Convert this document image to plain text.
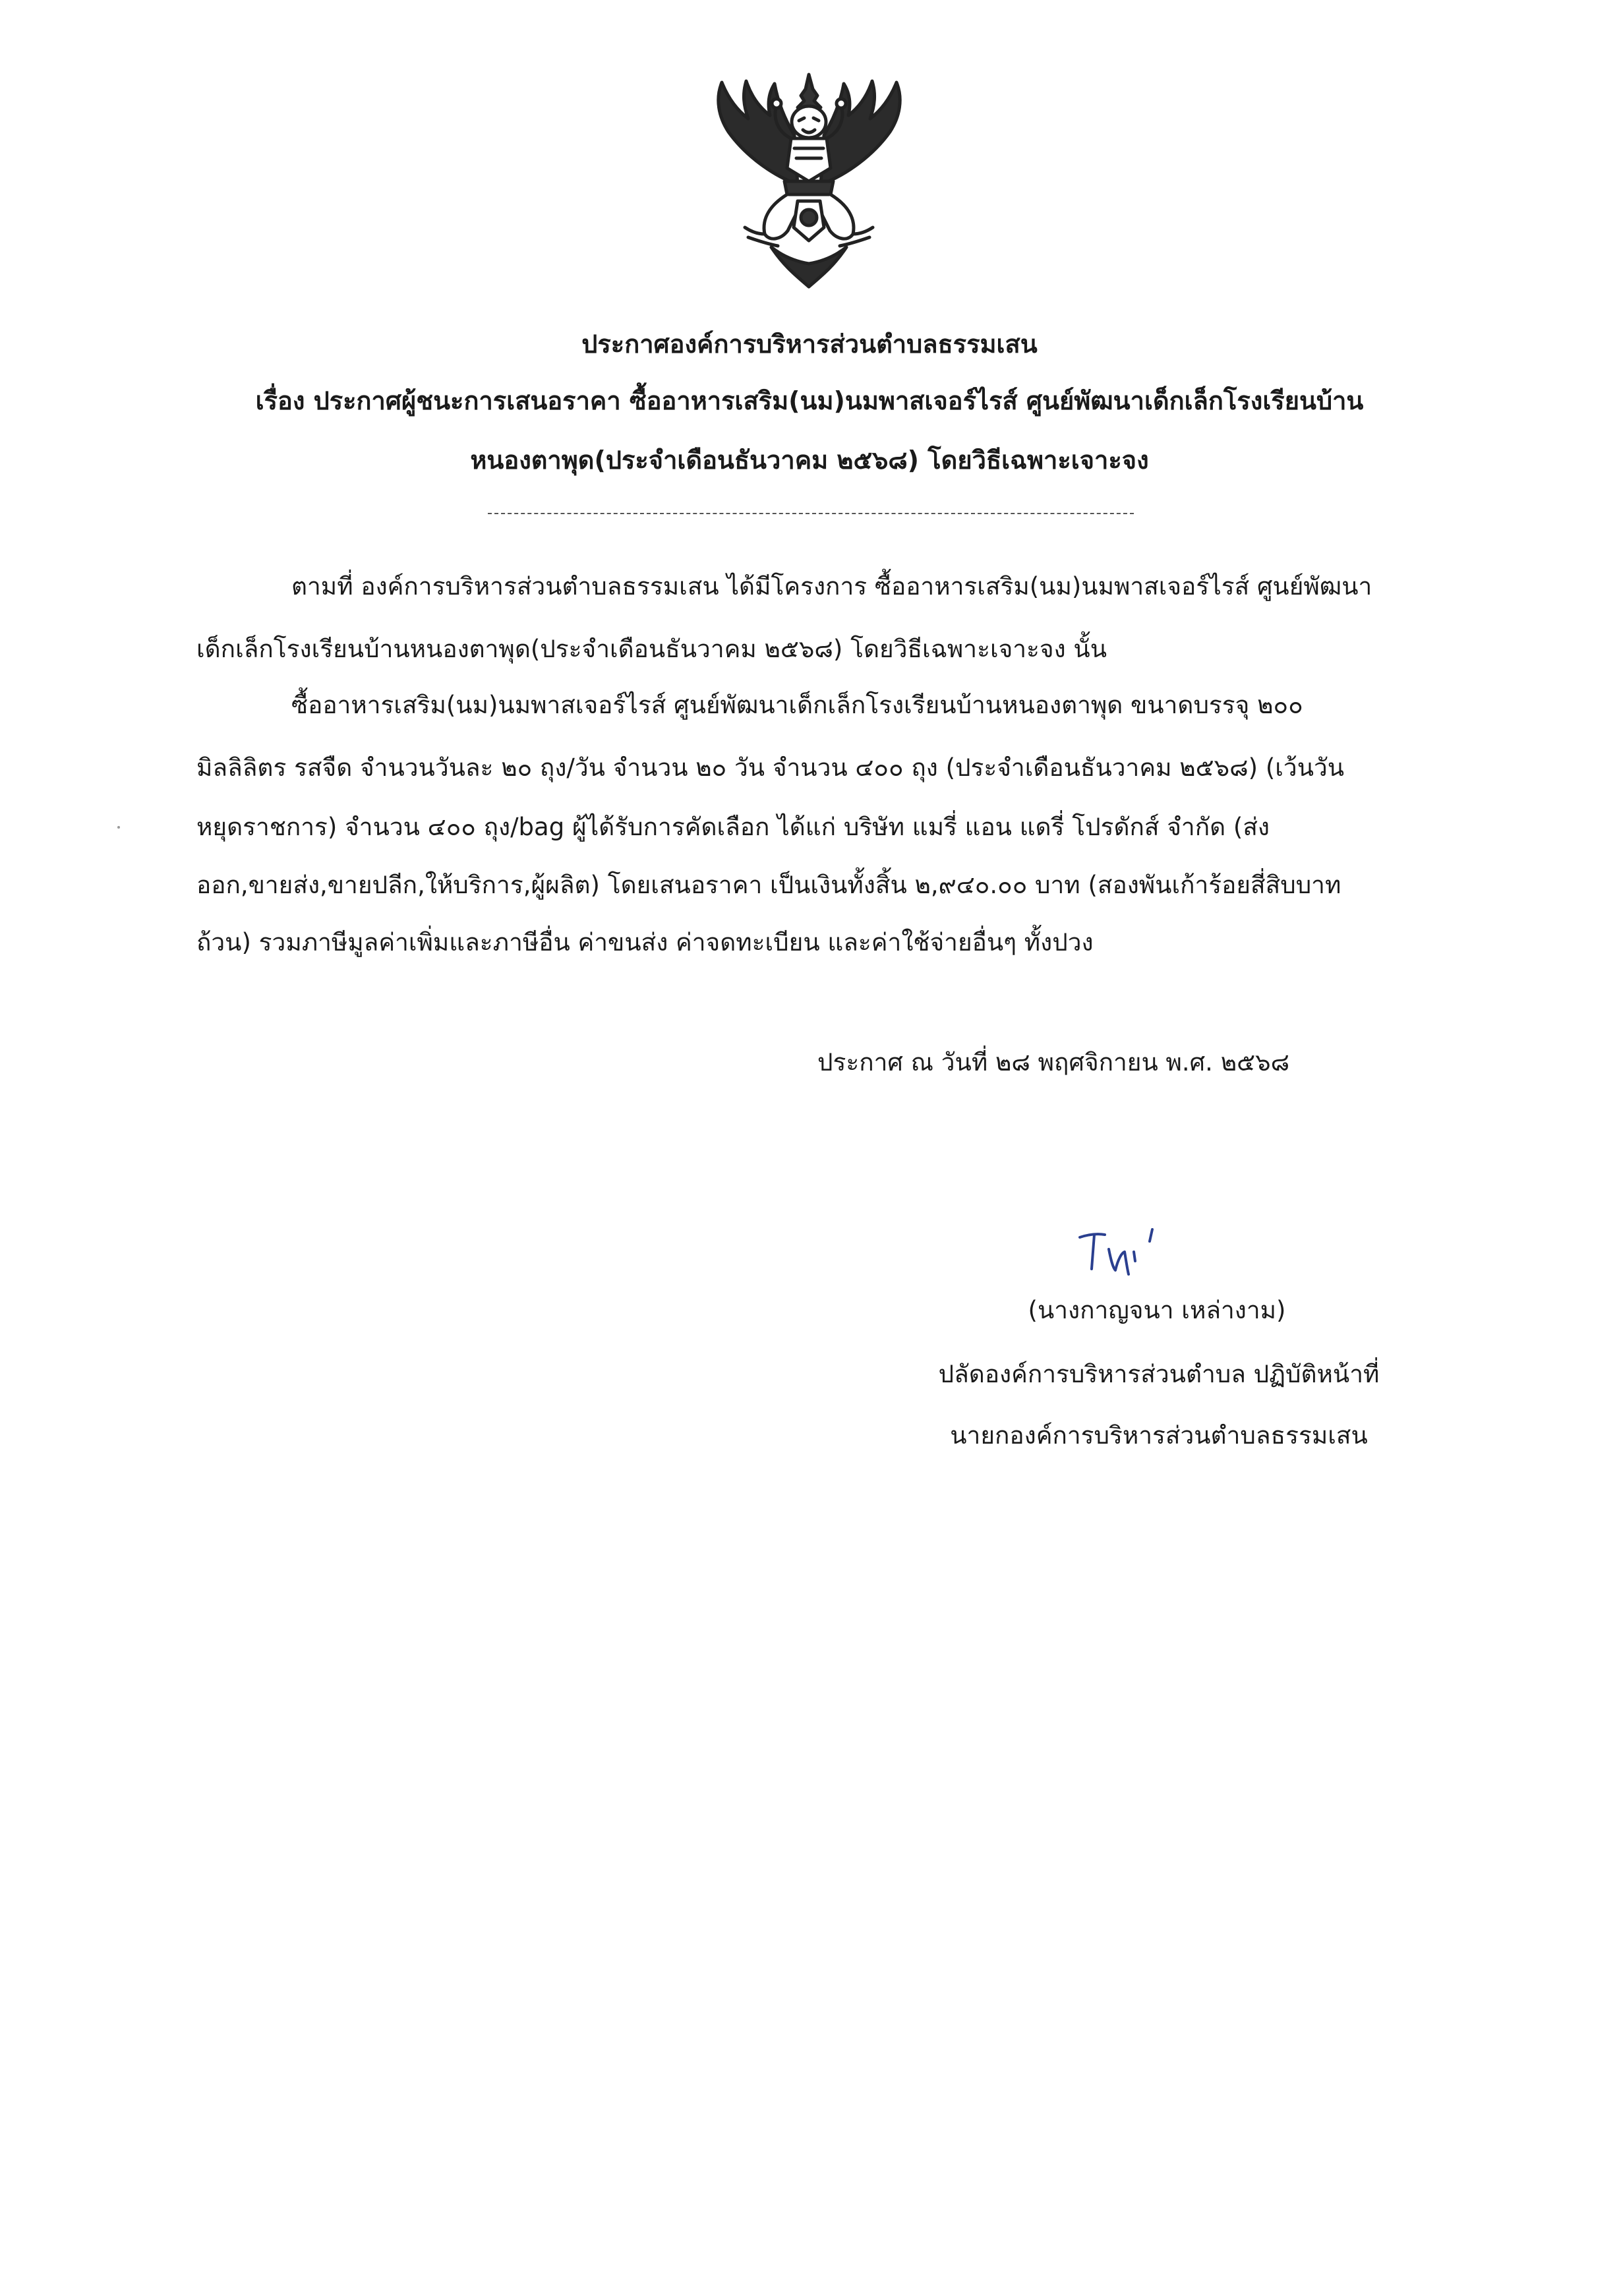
ประกาศองค์การบริหารส่วนตำบลธรรมเสน
เรื่อง ประกาศผู้ชนะการเสนอราคา ซื้ออาหารเสริม(นม)นมพาสเจอร์ไรส์ ศูนย์พัฒนาเด็กเล็กโรงเรียนบ้าน
หนองตาพุด(ประจำเดือนธันวาคม ๒๕๖๘) โดยวิธีเฉพาะเจาะจง
ตามที่ องค์การบริหารส่วนตำบลธรรมเสน ได้มีโครงการ ซื้ออาหารเสริม(นม)นมพาสเจอร์ไรส์ ศูนย์พัฒนา
เด็กเล็กโรงเรียนบ้านหนองตาพุด(ประจำเดือนธันวาคม ๒๕๖๘) โดยวิธีเฉพาะเจาะจง นั้น
ซื้ออาหารเสริม(นม)นมพาสเจอร์ไรส์ ศูนย์พัฒนาเด็กเล็กโรงเรียนบ้านหนองตาพุด ขนาดบรรจุ ๒๐๐
มิลลิลิตร รสจืด จำนวนวันละ ๒๐ ถุง/วัน จำนวน ๒๐ วัน จำนวน ๔๐๐ ถุง (ประจำเดือนธันวาคม ๒๕๖๘) (เว้นวัน
หยุดราชการ) จำนวน ๔๐๐ ถุง/bag ผู้ได้รับการคัดเลือก ได้แก่ บริษัท แมรี่ แอน แดรี่ โปรดักส์ จำกัด (ส่ง
ออก,ขายส่ง,ขายปลีก,ให้บริการ,ผู้ผลิต) โดยเสนอราคา เป็นเงินทั้งสิ้น ๒,๙๔๐.๐๐ บาท (สองพันเก้าร้อยสี่สิบบาท
ถ้วน) รวมภาษีมูลค่าเพิ่มและภาษีอื่น ค่าขนส่ง ค่าจดทะเบียน และค่าใช้จ่ายอื่นๆ ทั้งปวง
ประกาศ ณ วันที่ ๒๘ พฤศจิกายน พ.ศ. ๒๕๖๘
(นางกาญจนา เหล่างาม)
ปลัดองค์การบริหารส่วนตำบล ปฏิบัติหน้าที่
นายกองค์การบริหารส่วนตำบลธรรมเสน
